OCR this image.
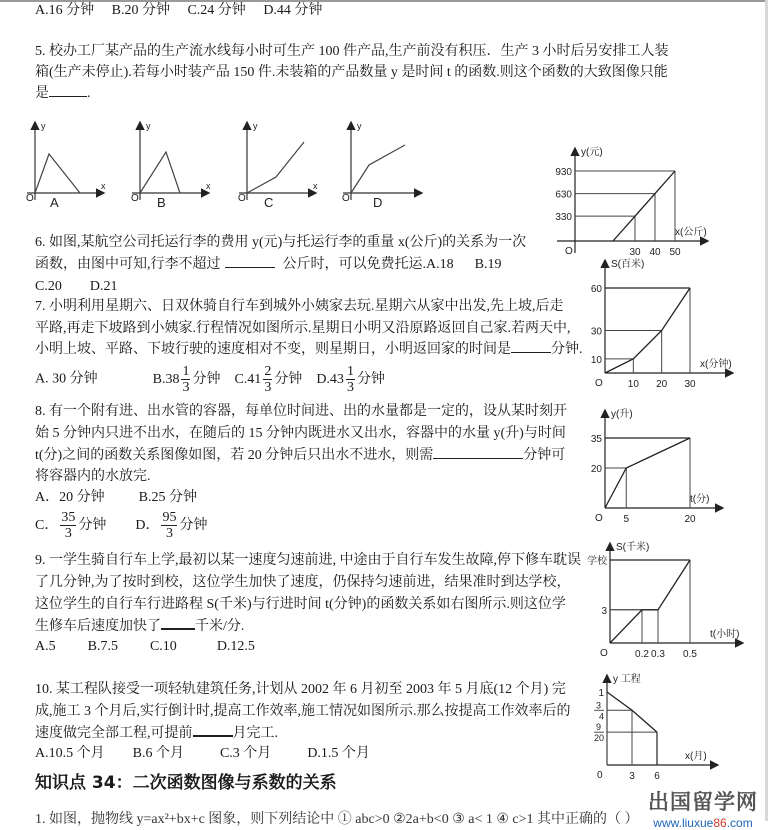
A.16 分钟 B.20 分钟 C.24 分钟 D.44 分钟
5. 校办工厂某产品的生产流水线每小时可生产 100 件产品,生产前没有积压．生产 3 小时后另安排工人装
箱(生产未停止).若每小时装产品 150 件.未装箱的产品数量 y 是时间 t 的函数.则这个函数的大致图像只能
是	.
y
x
O A
y
x
O B
y
x
O C
y
O D
6. 如图,某航空公司托运行李的费用 y(元)与托运行李的重量 x(公斤)的关系为一次
函数，由图中可知,行李不超过	公斤时，可以免费托运.A.18 B.19
C.20 D.21
7. 小明利用星期六、日双休骑自行车到城外小姨家去玩.星期六从家中出发,先上坡,后走
平路,再走下坡路到小姨家.行程情况如图所示.星期日小明又沿原路返回自己家.若两天中,
小明上坡、平路、下坡行驶的速度相对不变，则星期日，小明返回家的时间是	分钟.
A. 30 分钟	$B.38 \frac{1}{3}$ 分钟 $C.41 \frac{2}{3}$ 分钟 $D.43 \frac{1}{3}$ 分钟
8. 有一个附有进、出水管的容器，每单位时间进、出的水量都是一定的，设从某时刻开
始 5 分钟内只进不出水，在随后的 15 分钟内既进水又出水，容器中的水量 y(升)与时间
t(分)之间的函数关系图像如图，若 20 分钟后只出水不进水，则需	分钟可
将容器内的水放完.
A．20 分钟 B.25 分钟
C． $\frac{35}{3}$ 分钟 D． $\frac{95}{3}$ 分钟
9. 一学生骑自行车上学,最初以某一速度匀速前进, 中途由于自行车发生故障,停下修车耽误
了几分钟,为了按时到校，这位学生加快了速度，仍保持匀速前进，结果准时到达学校，
这位学生的自行车行进路程 S(千米)与行进时间 t(分钟)的函数关系如右图所示.则这位学
生修车后速度加快了 千米/分.
A.5 B.7.5 C.10	D.12.5
10. 某工程队接受一项轻轨建筑任务,计划从 2002 年 6 月初至 2003 年 5 月底(12 个月) 完
成,施工 3 个月后,实行倒计时,提高工作效率,施工情况如图所示.那么按提高工作效率后的
速度做完全部工程,可提前	月完工.
A.10.5 个月 B.6 个月	C.3 个月	D.1.5 个月
知识点 34：二次函数图像与系数的关系
1. 如图，抛物线 y=ax²+bx+c 图象，则下列结论中 ① abc>0 ②2a+b<0 ③ a< 1 ④ c>1 其中正确的（ ）
出国留学网
www.liuxue86.com
30 40 50
330
630
930
O
y(元)
x(公斤)
10 20 30
10
30
60
O
S(百米)
x(分钟)
5	20
20
35
O
y(升)
t(分)
0.2 0.3 0.5
3
学校
O
S(千米)
t(小时)
3 6
1
3
4
9
20
0
y 工程
x(月)
